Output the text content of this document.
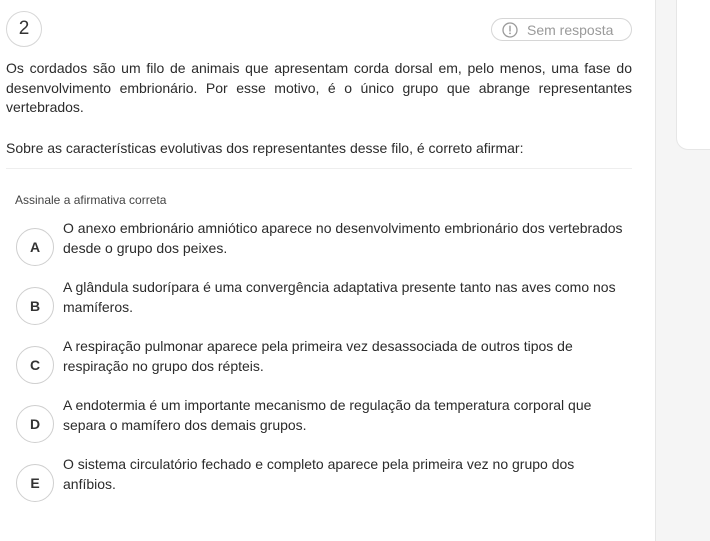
2	Sem resposta

Os cordados são um filo de animais que apresentam corda dorsal em, pelo menos, uma fase do desenvolvimento embrionário. Por esse motivo, é o único grupo que abrange representantes vertebrados.

Sobre as características evolutivas dos representantes desse filo, é correto afirmar:

Assinale a afirmativa correta
A
O anexo embrionário amniótico aparece no desenvolvimento embrionário dos vertebrados desde o grupo dos peixes.
B
A glândula sudorípara é uma convergência adaptativa presente tanto nas aves como nos mamíferos.
C
A respiração pulmonar aparece pela primeira vez desassociada de outros tipos de respiração no grupo dos répteis.
D
A endotermia é um importante mecanismo de regulação da temperatura corporal que separa o mamífero dos demais grupos.
E
O sistema circulatório fechado e completo aparece pela primeira vez no grupo dos anfíbios.
